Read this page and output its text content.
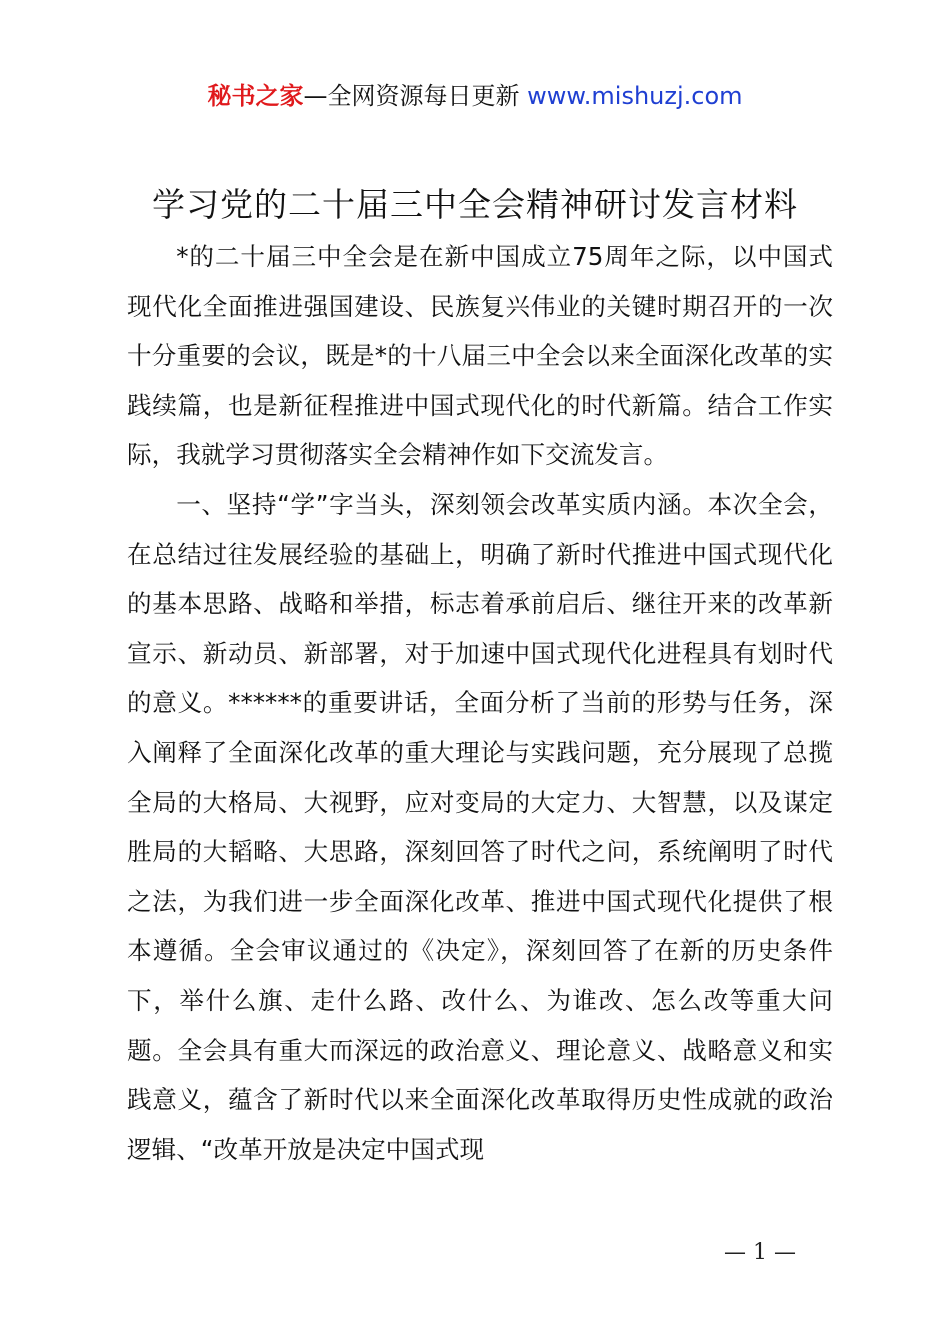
秘书之家—全网资源每日更新 www.mishuzj.com
学习党的二十届三中全会精神研讨发言材料

*的二十届三中全会是在新中国成立75周年之际，以中国式现代化全面推进强国建设、民族复兴伟业的关键时期召开的一次十分重要的会议，既是*的十八届三中全会以来全面深化改革的实践续篇，也是新征程推进中国式现代化的时代新篇。结合工作实际，我就学习贯彻落实全会精神作如下交流发言。

一、坚持“学”字当头，深刻领会改革实质内涵。本次全会，在总结过往发展经验的基础上，明确了新时代推进中国式现代化的基本思路、战略和举措，标志着承前启后、继往开来的改革新宣示、新动员、新部署，对于加速中国式现代化进程具有划时代的意义。******的重要讲话，全面分析了当前的形势与任务，深入阐释了全面深化改革的重大理论与实践问题，充分展现了总揽全局的大格局、大视野，应对变局的大定力、大智慧，以及谋定胜局的大韬略、大思路，深刻回答了时代之问，系统阐明了时代之法，为我们进一步全面深化改革、推进中国式现代化提供了根本遵循。全会审议通过的《决定》，深刻回答了在新的历史条件下，举什么旗、走什么路、改什么、为谁改、怎么改等重大问题。全会具有重大而深远的政治意义、理论意义、战略意义和实践意义，蕴含了新时代以来全面深化改革取得历史性成就的政治逻辑、“改革开放是决定中国式现

— 1 —
